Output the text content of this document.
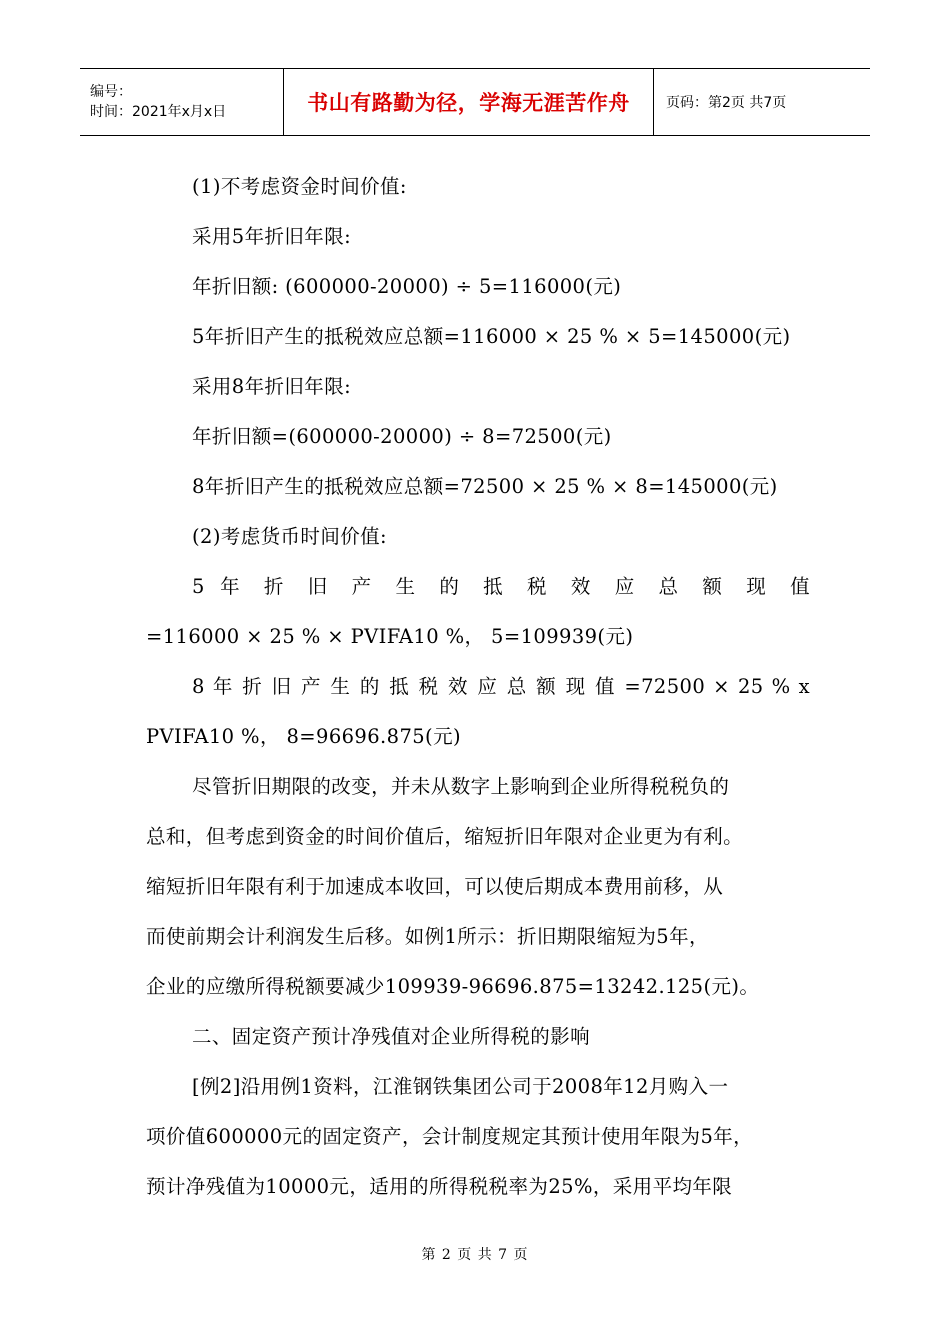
编号：
时间：2021年x月x日	书山有路勤为径，学海无涯苦作舟	页码：第2页 共7页
(1)不考虑资金时间价值:
采用5年折旧年限:
年折旧额: (600000-20000) ÷ 5=116000(元)
5年折旧产生的抵税效应总额=116000 × 25 % × 5=145000(元)
采用8年折旧年限:
年折旧额=(600000-20000) ÷ 8=72500(元)
8年折旧产生的抵税效应总额=72500 × 25 % × 8=145000(元)
(2)考虑货币时间价值:
5 年 折 旧 产 生 的 抵 税 效 应 总 额 现 值
=116000 × 25 % × PVIFA10 %， 5=109939(元)
8 年 折 旧 产 生 的 抵 税 效 应 总 额 现 值 =72500 × 25 % x
PVIFA10 %， 8=96696.875(元)
尽管折旧期限的改变，并未从数字上影响到企业所得税税负的
总和，但考虑到资金的时间价值后，缩短折旧年限对企业更为有利。
缩短折旧年限有利于加速成本收回，可以使后期成本费用前移，从
而使前期会计利润发生后移。如例1所示：折旧期限缩短为5年，
企业的应缴所得税额要减少109939-96696.875=13242.125(元)。
二、固定资产预计净残值对企业所得税的影响
[例2]沿用例1资料，江淮钢铁集团公司于2008年12月购入一
项价值600000元的固定资产，会计制度规定其预计使用年限为5年，
预计净残值为10000元，适用的所得税税率为25%，采用平均年限
第 2 页 共 7 页
